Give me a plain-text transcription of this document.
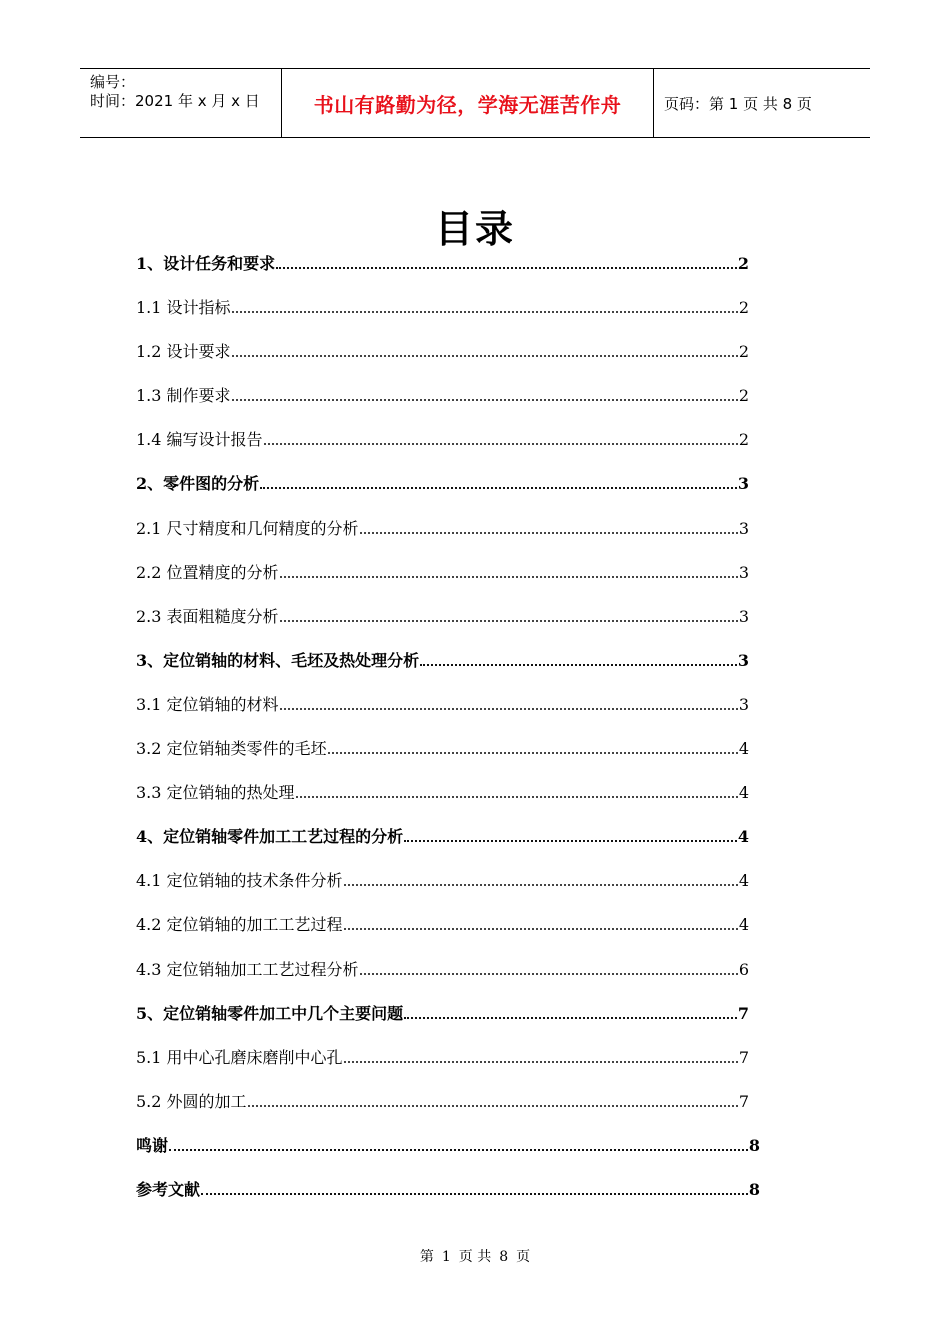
编号：
时间：2021 年 x 月 x 日	书山有路勤为径，学海无涯苦作舟	页码：第 1 页 共 8 页
目录
1、设计任务和要求	2
1.1 设计指标	2
1.2 设计要求	2
1.3 制作要求	2
1.4 编写设计报告	2
2、零件图的分析	3
2.1 尺寸精度和几何精度的分析	3
2.2 位置精度的分析	3
2.3 表面粗糙度分析	3
3、定位销轴的材料、毛坯及热处理分析	3
3.1 定位销轴的材料	3
3.2 定位销轴类零件的毛坯	4
3.3 定位销轴的热处理	4
4、定位销轴零件加工工艺过程的分析	4
4.1 定位销轴的技术条件分析	4
4.2 定位销轴的加工工艺过程	4
4.3 定位销轴加工工艺过程分析	6
5、定位销轴零件加工中几个主要问题	7
5.1 用中心孔磨床磨削中心孔	7
5.2 外圆的加工	7
鸣谢	8
参考文献	8
第 1 页 共 8 页
